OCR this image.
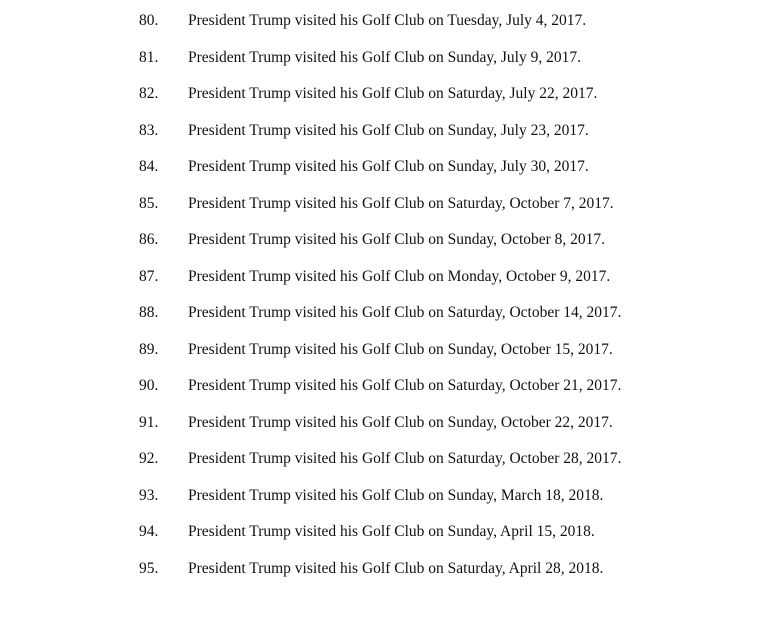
80. President Trump visited his Golf Club on Tuesday, July 4, 2017.
81. President Trump visited his Golf Club on Sunday, July 9, 2017.
82. President Trump visited his Golf Club on Saturday, July 22, 2017.
83. President Trump visited his Golf Club on Sunday, July 23, 2017.
84. President Trump visited his Golf Club on Sunday, July 30, 2017.
85. President Trump visited his Golf Club on Saturday, October 7, 2017.
86. President Trump visited his Golf Club on Sunday, October 8, 2017.
87. President Trump visited his Golf Club on Monday, October 9, 2017.
88. President Trump visited his Golf Club on Saturday, October 14, 2017.
89. President Trump visited his Golf Club on Sunday, October 15, 2017.
90. President Trump visited his Golf Club on Saturday, October 21, 2017.
91. President Trump visited his Golf Club on Sunday, October 22, 2017.
92. President Trump visited his Golf Club on Saturday, October 28, 2017.
93. President Trump visited his Golf Club on Sunday, March 18, 2018.
94. President Trump visited his Golf Club on Sunday, April 15, 2018.
95. President Trump visited his Golf Club on Saturday, April 28, 2018.
